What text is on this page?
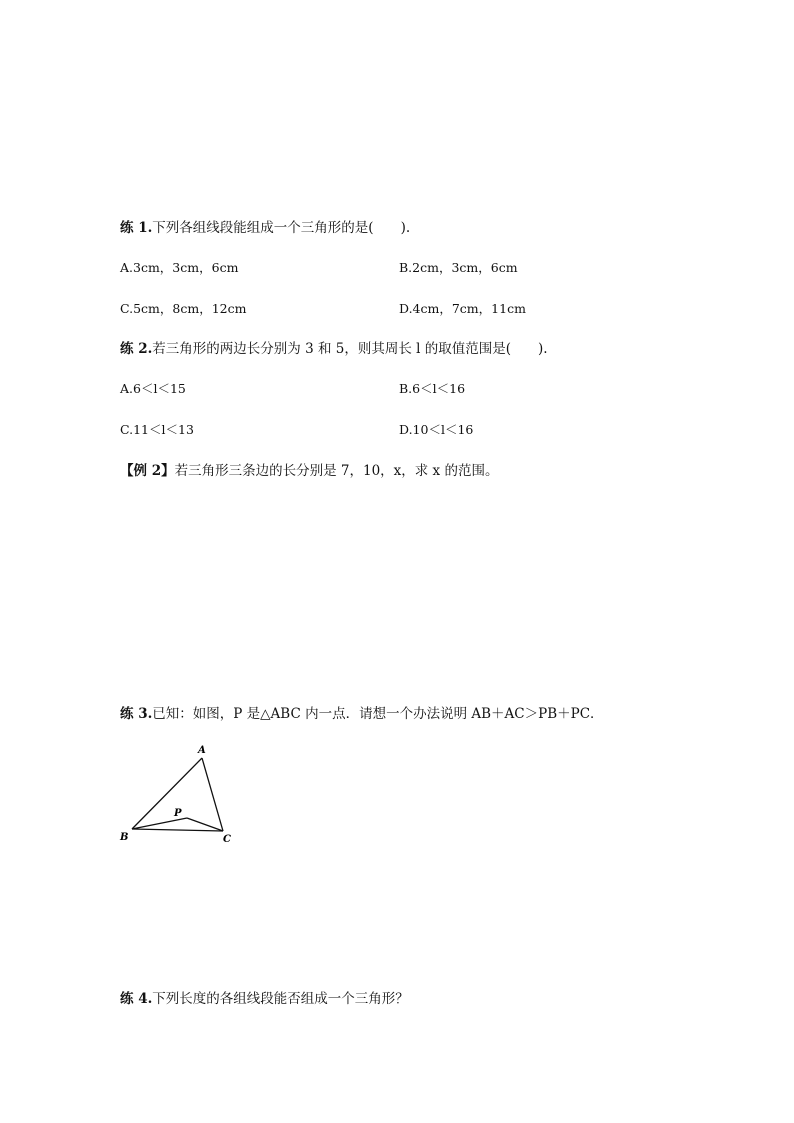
练 1.下列各组线段能组成一个三角形的是(　　).
A.3cm，3cm，6cm	B.2cm，3cm，6cm
C.5cm，8cm，12cm	D.4cm，7cm，11cm
练 2.若三角形的两边长分别为 3 和 5，则其周长 l 的取值范围是(　　).
A.6＜l＜15	B.6＜l＜16
C.11＜l＜13	D.10＜l＜16
【例 2】若三角形三条边的长分别是 7，10，x，求 x 的范围。
练 3.已知：如图，P 是△ABC 内一点．请想一个办法说明 AB＋AC＞PB＋PC．
A
B	C
P
练 4.下列长度的各组线段能否组成一个三角形？
